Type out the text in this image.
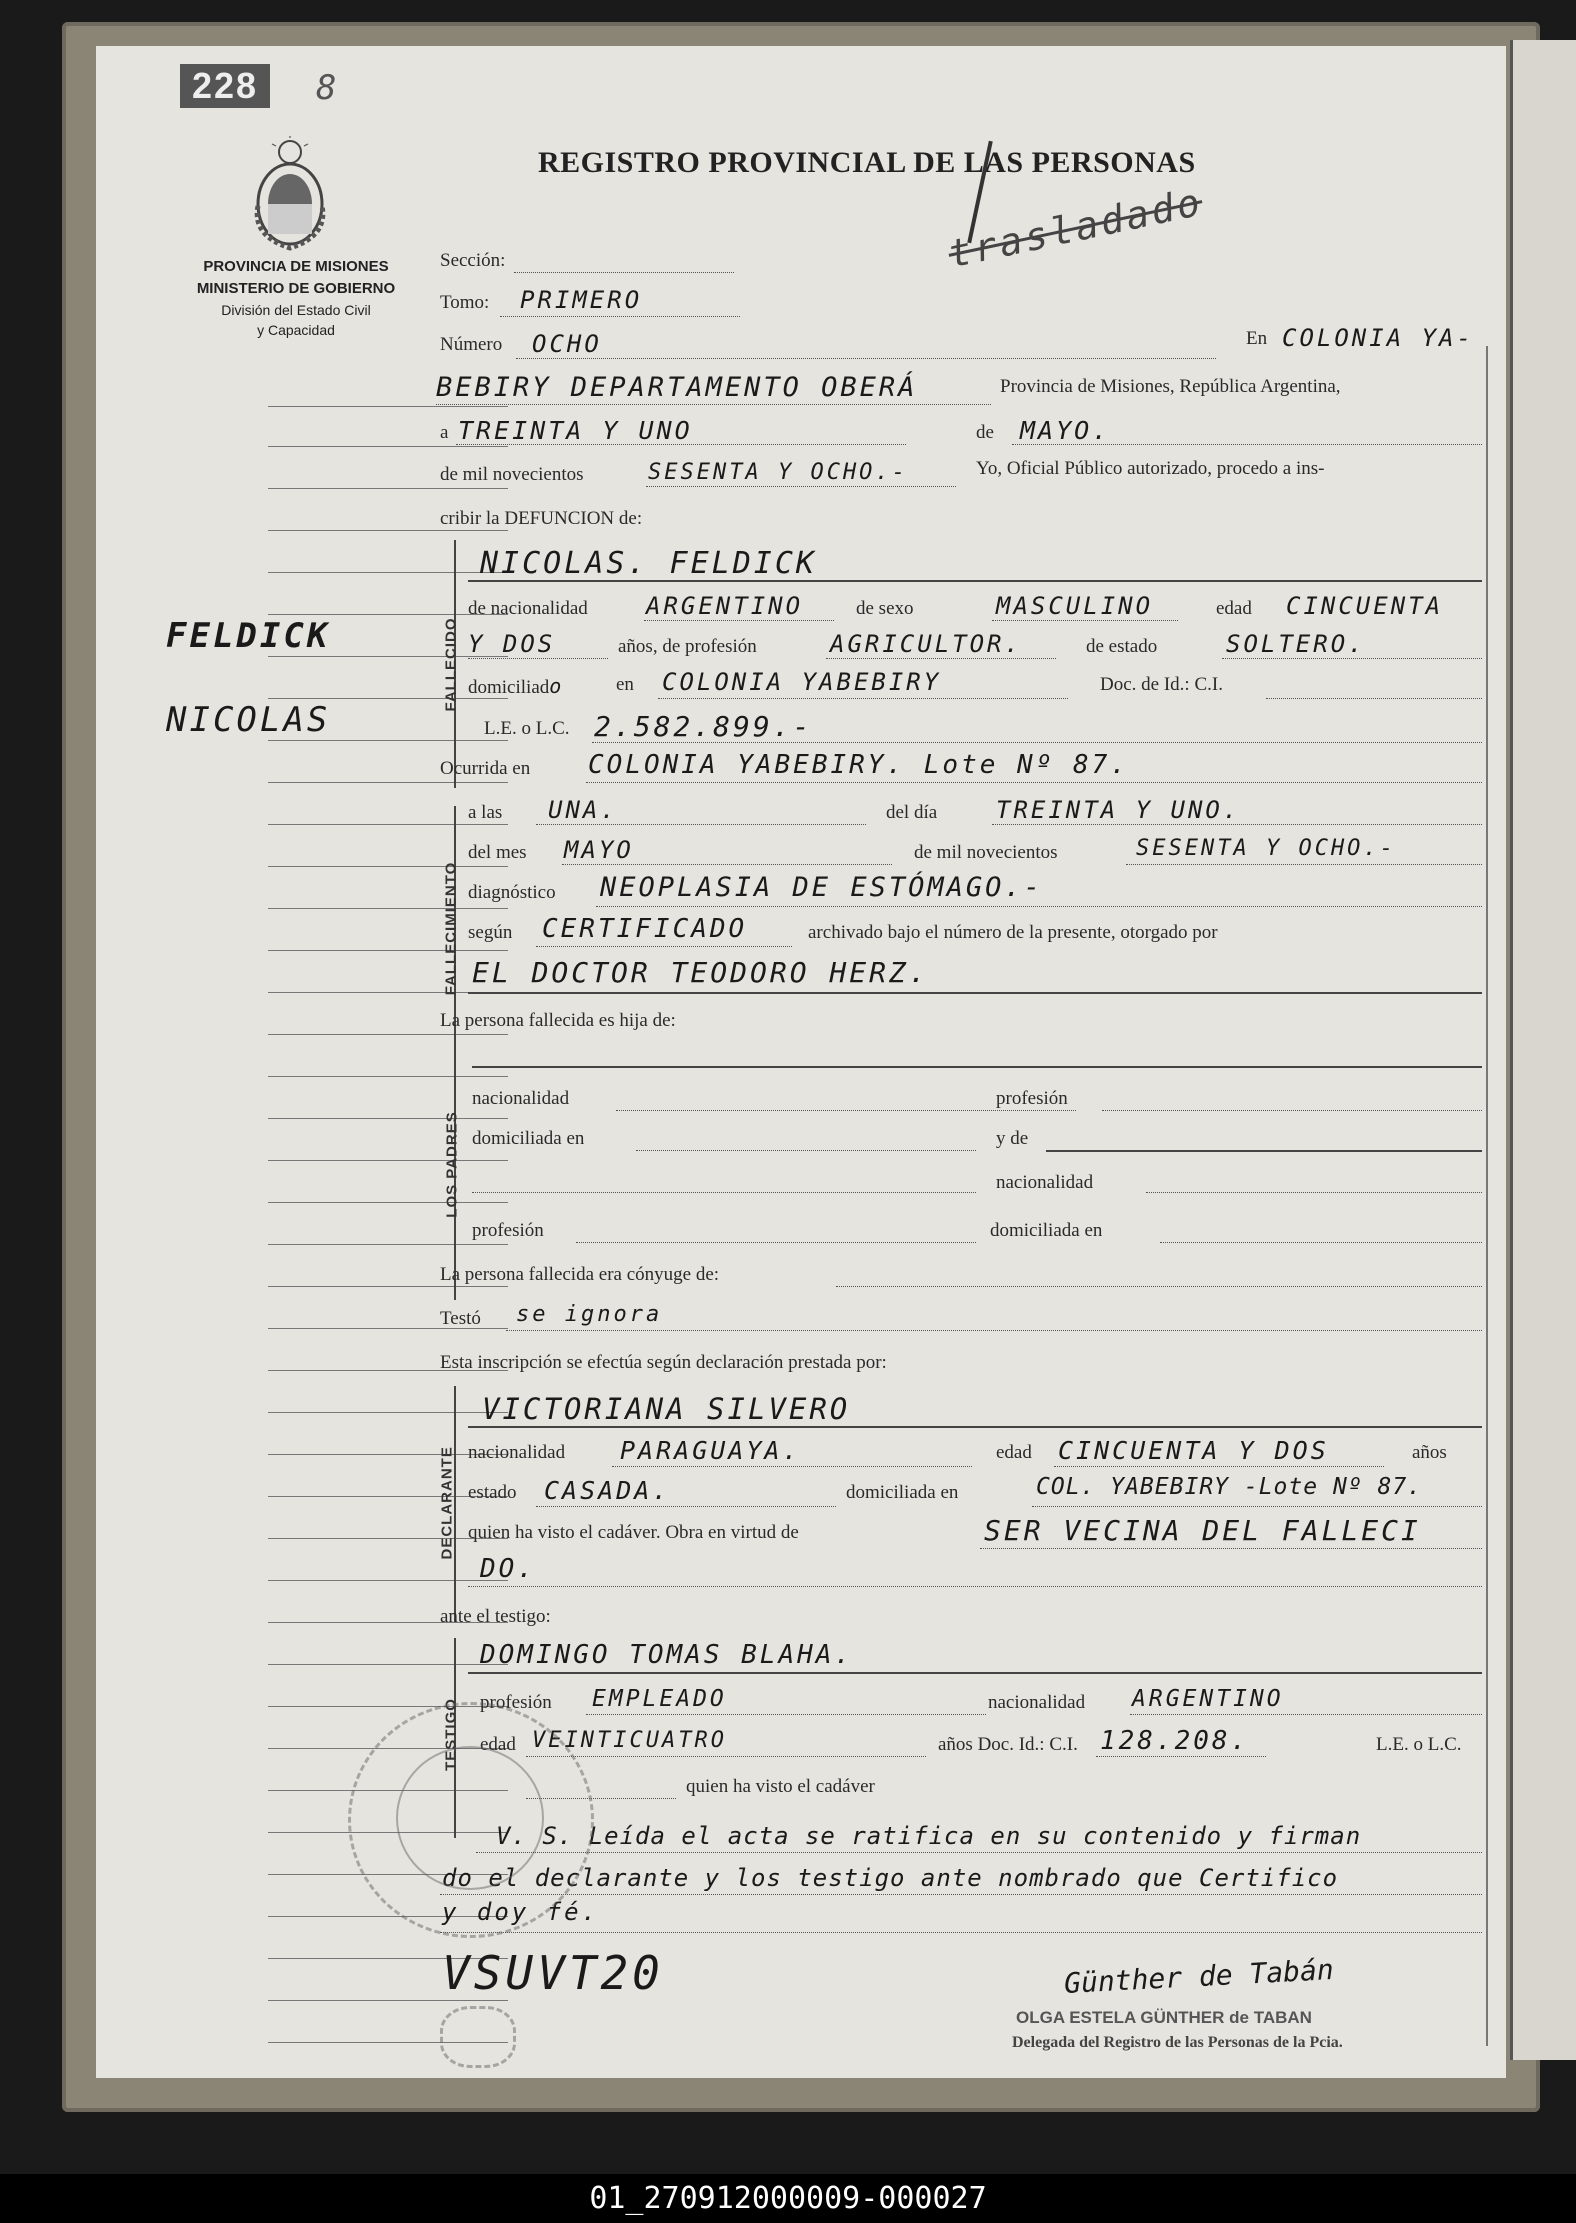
228	8
REGISTRO PROVINCIAL DE LAS PERSONAS
trasladado
PROVINCIA DE MISIONES
MINISTERIO DE GOBIERNO
División del Estado Civil
y Capacidad
FELDICK
NICOLAS
Sección:
Tomo: PRIMERO
Número OCHO	En COLONIA YA-
BEBIRY DEPARTAMENTO OBERÁ	Provincia de Misiones, República Argentina,
a TREINTA Y UNO	de MAYO.
de mil novecientos	SESENTA Y OCHO.-	Yo, Oficial Público autorizado, procedo a ins-
cribir la DEFUNCION de:
FALLECIDO
NICOLAS. FELDICK
de nacionalidad ARGENTINO	de sexo	MASCULINO	edad CINCUENTA
Y DOS	años, de profesión	AGRICULTOR.	de estado	SOLTERO.
domiciliado	en COLONIA YABEBIRY	Doc. de Id.: C.I.
L.E. o L.C. 2.582.899.-
Ocurrida en COLONIA YABEBIRY. Lote Nº 87.
FALLECIMIENTO
a las UNA.	del día TREINTA Y UNO.
del mes MAYO	de mil novecientos	SESENTA Y OCHO.-
diagnóstico NEOPLASIA DE ESTÓMAGO.-
según CERTIFICADO	archivado bajo el número de la presente, otorgado por
EL DOCTOR TEODORO HERZ.
La persona fallecida es hija de:
LOS PADRES
nacionalidad	profesión
domiciliada en	y de
nacionalidad
profesión	domiciliada en
La persona fallecida era cónyuge de:
Testó se ignora
Esta inscripción se efectúa según declaración prestada por:
DECLARANTE
VICTORIANA SILVERO
nacionalidad PARAGUAYA.	edad CINCUENTA Y DOS	años
estado CASADA.	domiciliada en	COL. YABEBIRY -Lote Nº 87.
quien ha visto el cadáver. Obra en virtud de	SER VECINA DEL FALLECI
DO.
ante el testigo:
TESTIGO
DOMINGO TOMAS BLAHA.
profesión EMPLEADO	nacionalidad ARGENTINO
edad VEINTICUATRO	años Doc. Id.: C.I. 128.208.	L.E. o L.C.
quien ha visto el cadáver
V. S. Leída el acta se ratifica en su contenido y firman
do el declarante y los testigo ante nombrado que Certifico
y doy fé.
VSUVT20	Günther de Tabán
OLGA ESTELA GÜNTHER de TABAN
Delegada del Registro de las Personas de la Pcia.
01_270912000009-000027
